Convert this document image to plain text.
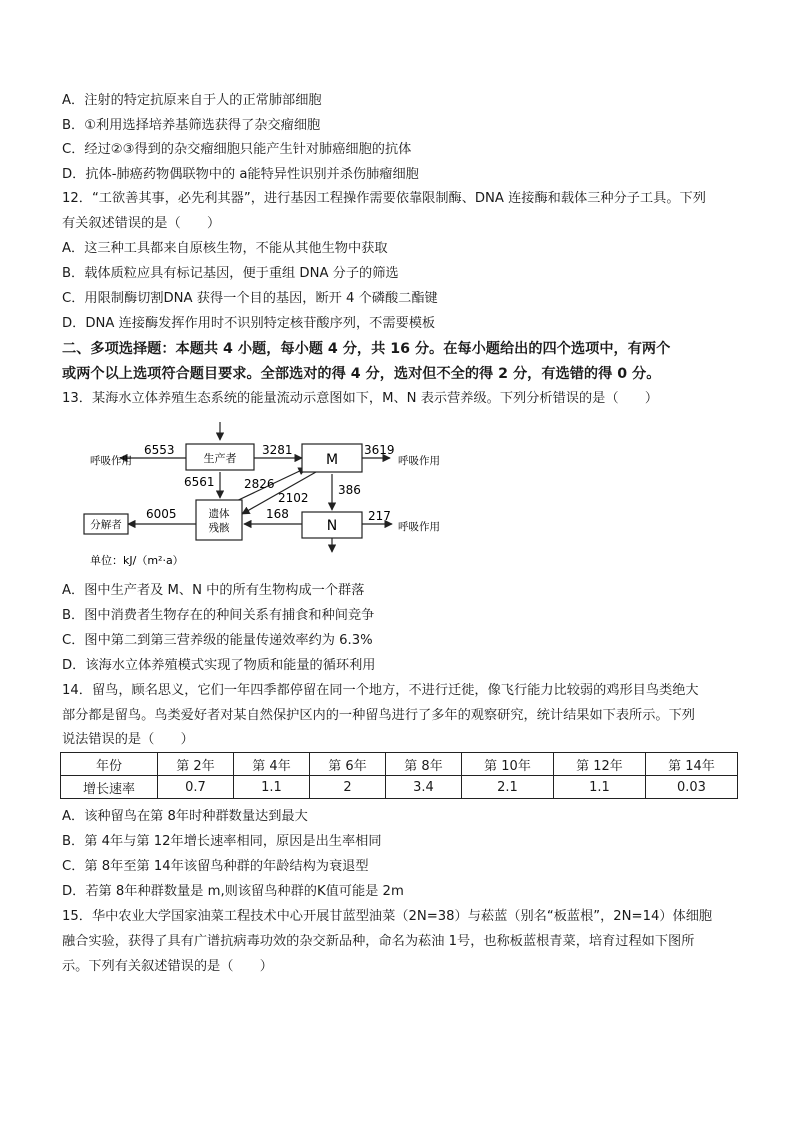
A．注射的特定抗原来自于人的正常肺部细胞
B．①利用选择培养基筛选获得了杂交瘤细胞
C．经过②③得到的杂交瘤细胞只能产生针对肺癌细胞的抗体
D．抗体-肺癌药物偶联物中的 a能特异性识别并杀伤肺瘤细胞
12．“工欲善其事，必先利其器”，进行基因工程操作需要依靠限制酶、DNA 连接酶和载体三种分子工具。下列
有关叙述错误的是（　　）
A．这三种工具都来自原核生物，不能从其他生物中获取
B．载体质粒应具有标记基因，便于重组 DNA 分子的筛选
C．用限制酶切割DNA 获得一个目的基因，断开 4 个磷酸二酯键
D．DNA 连接酶发挥作用时不识别特定核苷酸序列，不需要模板
二、多项选择题：本题共 4 小题，每小题 4 分，共 16 分。在每小题给出的四个选项中，有两个
或两个以上选项符合题目要求。全部选对的得 4 分，选对但不全的得 2 分，有选错的得 0 分。
13．某海水立体养殖生态系统的能量流动示意图如下，M、N 表示营养级。下列分析错误的是（　　）
生产者	M
遗体
残骸	N
分解者
呼吸作用	呼吸作用
呼吸作用
6553	3281	3619
6561 2826
2102
386
6005	168	217
单位：kJ/（m²·a）
A．图中生产者及 M、N 中的所有生物构成一个群落
B．图中消费者生物存在的种间关系有捕食和种间竞争
C．图中第二到第三营养级的能量传递效率约为 6.3%
D．该海水立体养殖模式实现了物质和能量的循环利用
14．留鸟，顾名思义，它们一年四季都停留在同一个地方，不进行迁徙，像飞行能力比较弱的鸡形目鸟类绝大
部分都是留鸟。鸟类爱好者对某自然保护区内的一种留鸟进行了多年的观察研究，统计结果如下表所示。下列
说法错误的是（　　）
年份	第 2年	第 4年	第 6年	第 8年	第 10年	第 12年	第 14年
增长速率	0.7	1.1	2	3.4	2.1	1.1	0.03
A．该种留鸟在第 8年时种群数量达到最大
B．第 4年与第 12年增长速率相同，原因是出生率相同
C．第 8年至第 14年该留鸟种群的年龄结构为衰退型
D．若第 8年种群数量是 m,则该留鸟种群的K值可能是 2m
15．华中农业大学国家油菜工程技术中心开展甘蓝型油菜（2N=38）与菘蓝（别名“板蓝根”，2N=14）体细胞
融合实验，获得了具有广谱抗病毒功效的杂交新品种，命名为菘油 1号，也称板蓝根青菜，培育过程如下图所
示。下列有关叙述错误的是（　　）
